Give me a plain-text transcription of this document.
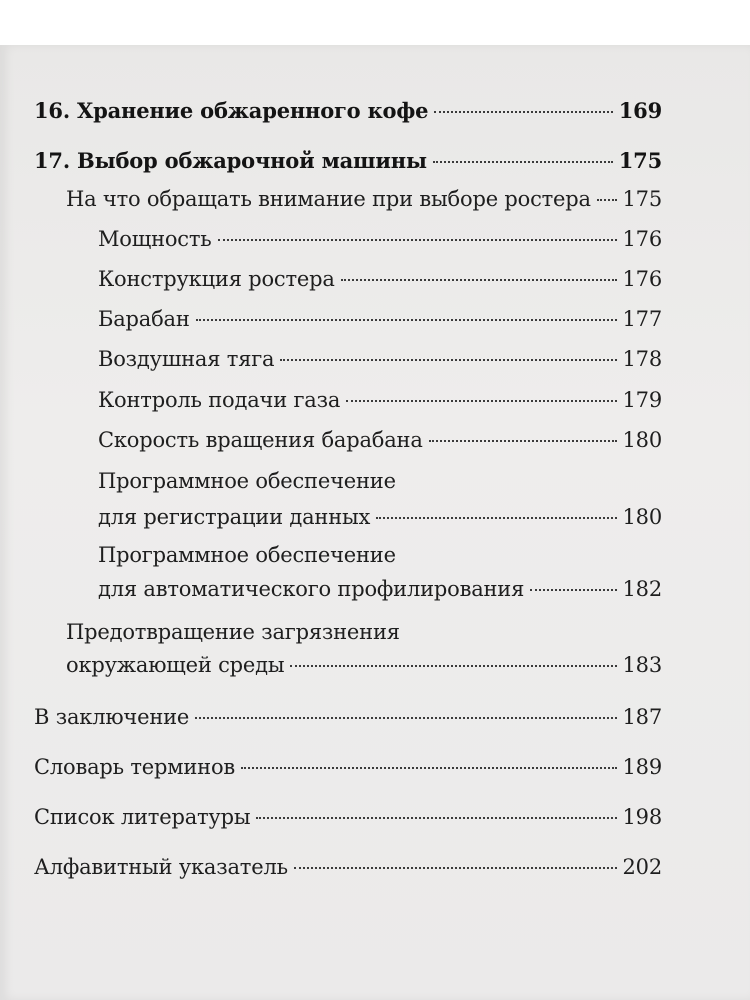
16. Хранение обжаренного кофе	169
17. Выбор обжарочной машины	175
На что обращать внимание при выборе ростера 175
Мощность	176
Конструкция ростера	176
Барабан	177
Воздушная тяга	178
Контроль подачи газа	179
Скорость вращения барабана	180
Программное обеспечение
для регистрации данных	180
Программное обеспечение
для автоматического профилирования	182
Предотвращение загрязнения
окружающей среды	183
В заключение	187
Словарь терминов	189
Список литературы	198
Алфавитный указатель	202
